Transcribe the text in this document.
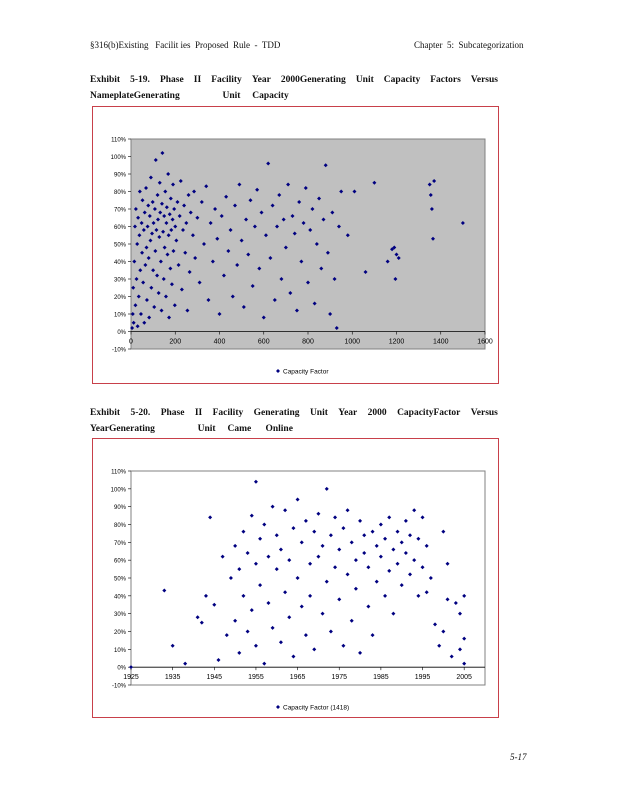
§316(b)Existing   Facilit ies  Proposed  Rule  -  TDD	Chapter  5:  Subcategorization
Exhibit 5-19. Phase II Facility Year 2000Generating Unit Capacity Factors Versus
NameplateGenerating                  Unit     Capacity
-10%
0%
10%
20%
30%
40%
50%
60%
70%
80%
90%
100%
110%
0	200	400	600	800	1000	1200	1400	1600
Capacity Factor
Exhibit 5-20. Phase II Facility Generating Unit Year 2000 CapacityFactor Versus
YearGenerating                  Unit     Came      Online
-10%
0%
10%
20%
30%
40%
50%
60%
70%
80%
90%
100%
110%
1925	1935	1945	1955	1965	1975	1985	1995	2005
Capacity Factor (1418)
5-17
